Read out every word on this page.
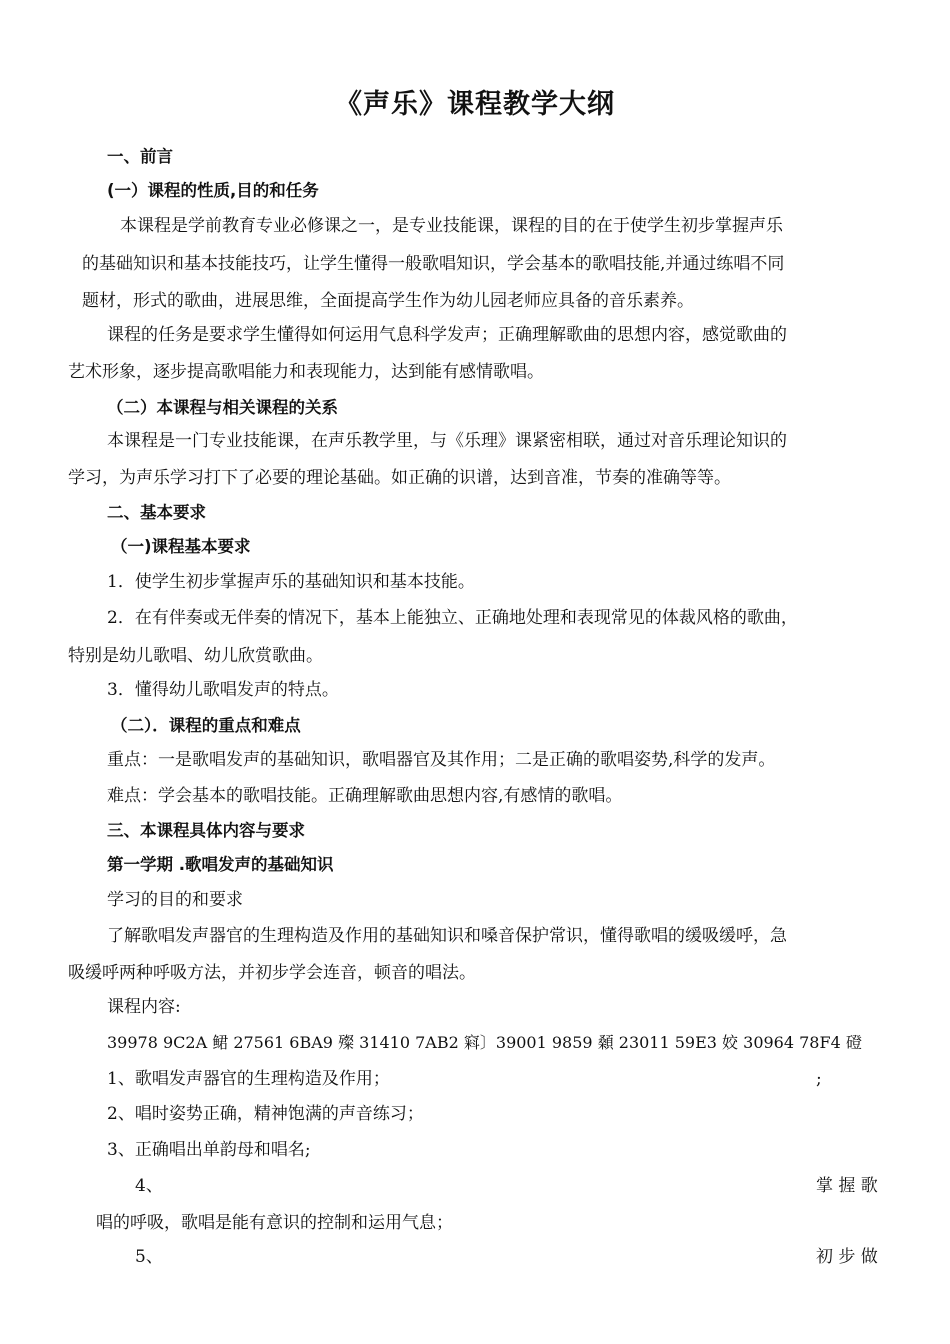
《声乐》课程教学大纲
一、前言
(一）课程的性质,目的和任务
本课程是学前教育专业必修课之一，是专业技能课，课程的目的在于使学生初步掌握声乐
的基础知识和基本技能技巧，让学生懂得一般歌唱知识，学会基本的歌唱技能,并通过练唱不同
题材，形式的歌曲，进展思维，全面提高学生作为幼儿园老师应具备的音乐素养。
课程的任务是要求学生懂得如何运用气息科学发声；正确理解歌曲的思想内容，感觉歌曲的
艺术形象，逐步提高歌唱能力和表现能力，达到能有感情歌唱。
（二）本课程与相关课程的关系
本课程是一门专业技能课，在声乐教学里，与《乐理》课紧密相联，通过对音乐理论知识的
学习，为声乐学习打下了必要的理论基础。如正确的识谱，达到音准，节奏的准确等等。
二、基本要求
（一)课程基本要求
1．使学生初步掌握声乐的基础知识和基本技能。
2．在有伴奏或无伴奏的情况下，基本上能独立、正确地处理和表现常见的体裁风格的歌曲，
特别是幼儿歌唱、幼儿欣赏歌曲。
3．懂得幼儿歌唱发声的特点。
（二）．课程的重点和难点
重点：一是歌唱发声的基础知识，歌唱器官及其作用；二是正确的歌唱姿势,科学的发声。
难点：学会基本的歌唱技能。正确理解歌曲思想内容,有感情的歌唱。
三、本课程具体内容与要求
第一学期 .歌唱发声的基础知识
学习的目的和要求
了解歌唱发声器官的生理构造及作用的基础知识和嗓音保护常识，懂得歌唱的缓吸缓呼，急
吸缓呼两种呼吸方法，并初步学会连音，顿音的唱法。
课程内容:
39978 9C2A 鲪 27561 6BA9 殩 31410 7AB2 窲〕39001 9859 顙 23011 59E3 姣 30964 78F4 磴
1、歌唱发声器官的生理构造及作用；	;
2、唱时姿势正确，精神饱满的声音练习；
3、正确唱出单韵母和唱名;
4、	掌 握 歌
唱的呼吸，歌唱是能有意识的控制和运用气息；
5、	初 步 做
